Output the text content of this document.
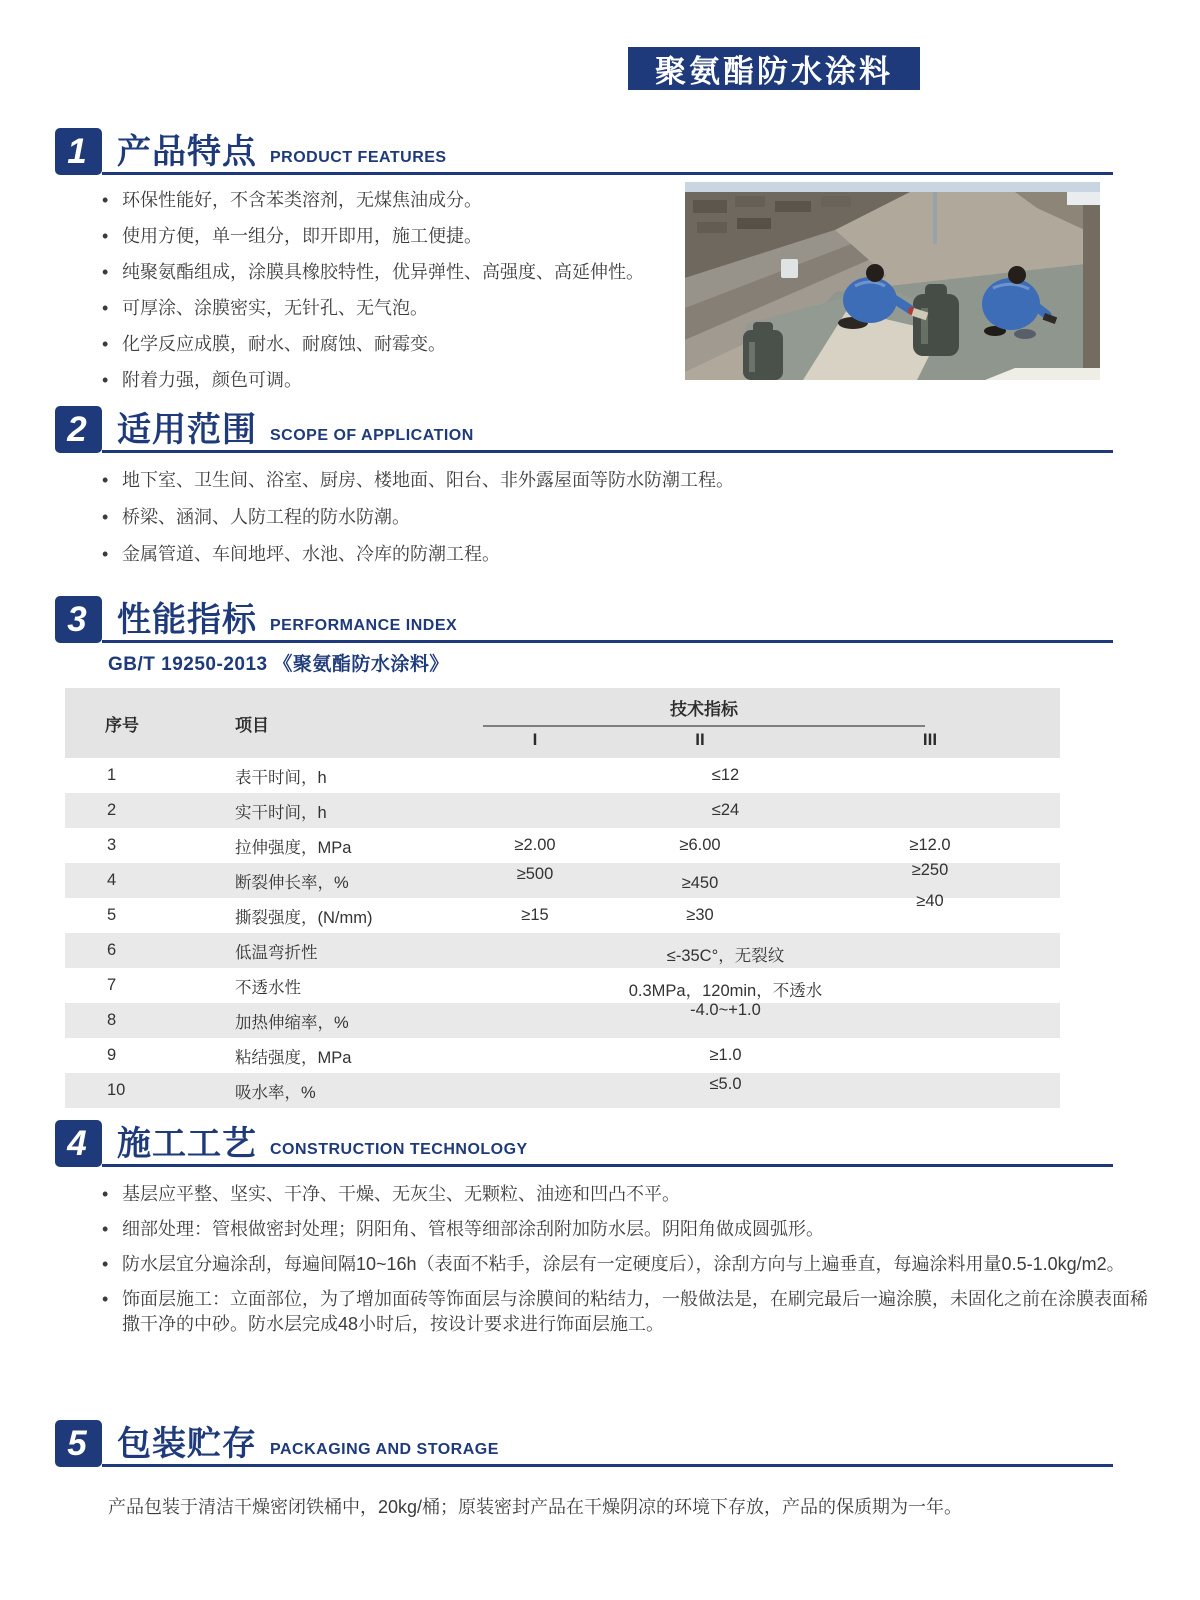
聚氨酯防水涂料
1 产品特点 PRODUCT FEATURES
• 环保性能好，不含苯类溶剂，无煤焦油成分。
• 使用方便，单一组分，即开即用，施工便捷。
• 纯聚氨酯组成，涂膜具橡胶特性，优异弹性、高强度、高延伸性。
• 可厚涂、涂膜密实，无针孔、无气泡。
• 化学反应成膜，耐水、耐腐蚀、耐霉变。
• 附着力强，颜色可调。
2 适用范围 SCOPE OF APPLICATION
• 地下室、卫生间、浴室、厨房、楼地面、阳台、非外露屋面等防水防潮工程。
• 桥梁、涵洞、人防工程的防水防潮。
• 金属管道、车间地坪、水池、冷库的防潮工程。
3 性能指标 PERFORMANCE INDEX
GB/T 19250-2013 《聚氨酯防水涂料》
序号	项目	技术指标		

		I	II	III
1	表干时间，h	≤12		
2	实干时间，h	≤24		
3	拉伸强度，MPa	≥2.00	≥6.00	≥12.0
4	断裂伸长率，%	≥500	≥450	≥250
5	撕裂强度，(N/mm)	≥15	≥30	≥40
6	低温弯折性	≤-35C°，无裂纹		
7	不透水性	0.3MPa，120min，不透水		
8	加热伸缩率，%	-4.0~+1.0		
9	粘结强度，MPa	≥1.0		
10	吸水率，%	≤5.0		
4 施工工艺 CONSTRUCTION TECHNOLOGY
• 基层应平整、坚实、干净、干燥、无灰尘、无颗粒、油迹和凹凸不平。
• 细部处理：管根做密封处理；阴阳角、管根等细部涂刮附加防水层。阴阳角做成圆弧形。
• 防水层宜分遍涂刮，每遍间隔10~16h（表面不粘手，涂层有一定硬度后），涂刮方向与上遍垂直，每遍涂料用量0.5-1.0kg/m2。
• 饰面层施工：立面部位，为了增加面砖等饰面层与涂膜间的粘结力，一般做法是，在刷完最后一遍涂膜，未固化之前在涂膜表面稀撒干净的中砂。防水层完成48小时后，按设计要求进行饰面层施工。
5 包装贮存 PACKAGING AND STORAGE
产品包装于清洁干燥密闭铁桶中，20kg/桶；原装密封产品在干燥阴凉的环境下存放，产品的保质期为一年。
